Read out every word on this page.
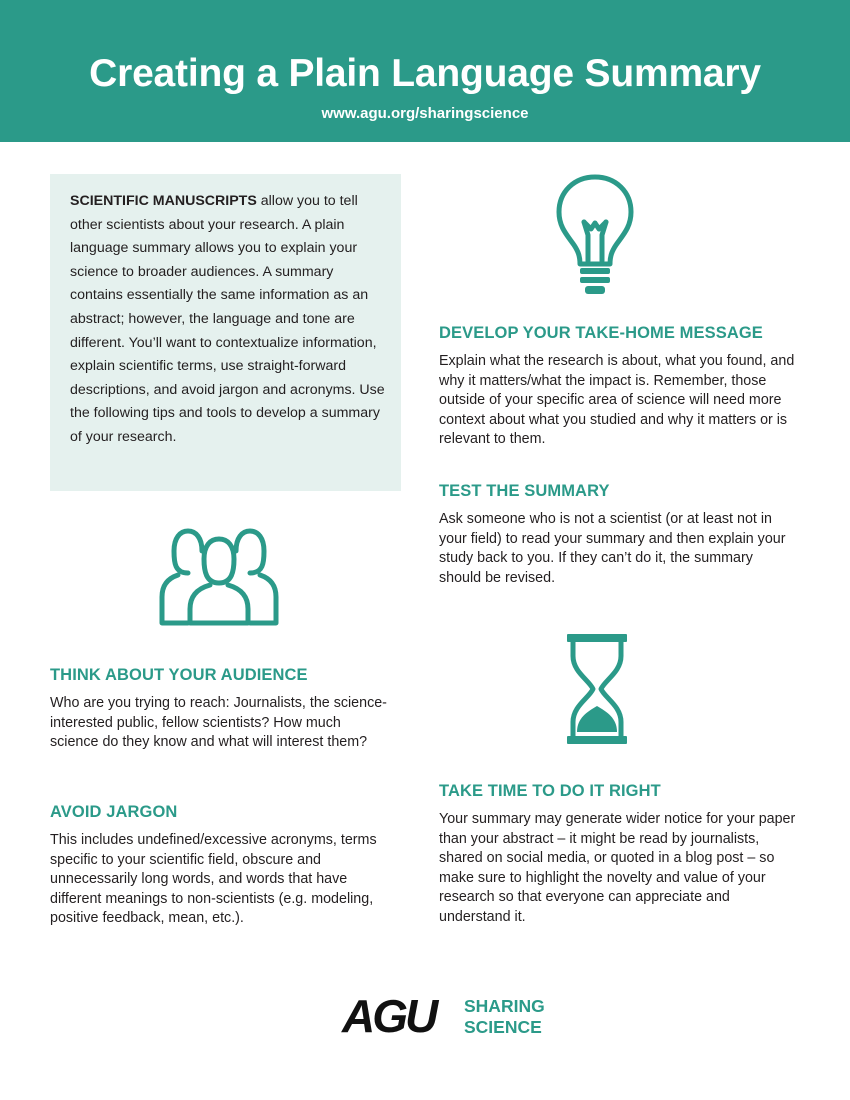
Creating a Plain Language Summary
www.agu.org/sharingscience

SCIENTIFIC MANUSCRIPTS allow you to tell other scientists about your research. A plain language summary allows you to explain your science to broader audiences. A summary contains essentially the same information as an abstract; however, the language and tone are different. You’ll want to contextualize information, explain scientific terms, use straight-forward descriptions, and avoid jargon and acronyms. Use the following tips and tools to develop a summary of your research.

DEVELOP YOUR TAKE-HOME MESSAGE

Explain what the research is about, what you found, and why it matters/what the impact is. Remember, those outside of your specific area of science will need more context about what you studied and why it matters or is relevant to them.

TEST THE SUMMARY

Ask someone who is not a scientist (or at least not in your field) to read your summary and then explain your study back to you. If they can’t do it, the summary should be revised.

THINK ABOUT YOUR AUDIENCE

Who are you trying to reach: Journalists, the science-interested public, fellow scientists? How much science do they know and what will interest them?

AVOID JARGON

This includes undefined/excessive acronyms, terms specific to your scientific field, obscure and unnecessarily long words, and words that have different meanings to non-scientists (e.g. modeling, positive feedback, mean, etc.).

TAKE TIME TO DO IT RIGHT

Your summary may generate wider notice for your paper than your abstract – it might be read by journalists, shared on social media, or quoted in a blog post – so make sure to highlight the novelty and value of your research so that everyone can appreciate and understand it.

AGU SHARING
SCIENCE
